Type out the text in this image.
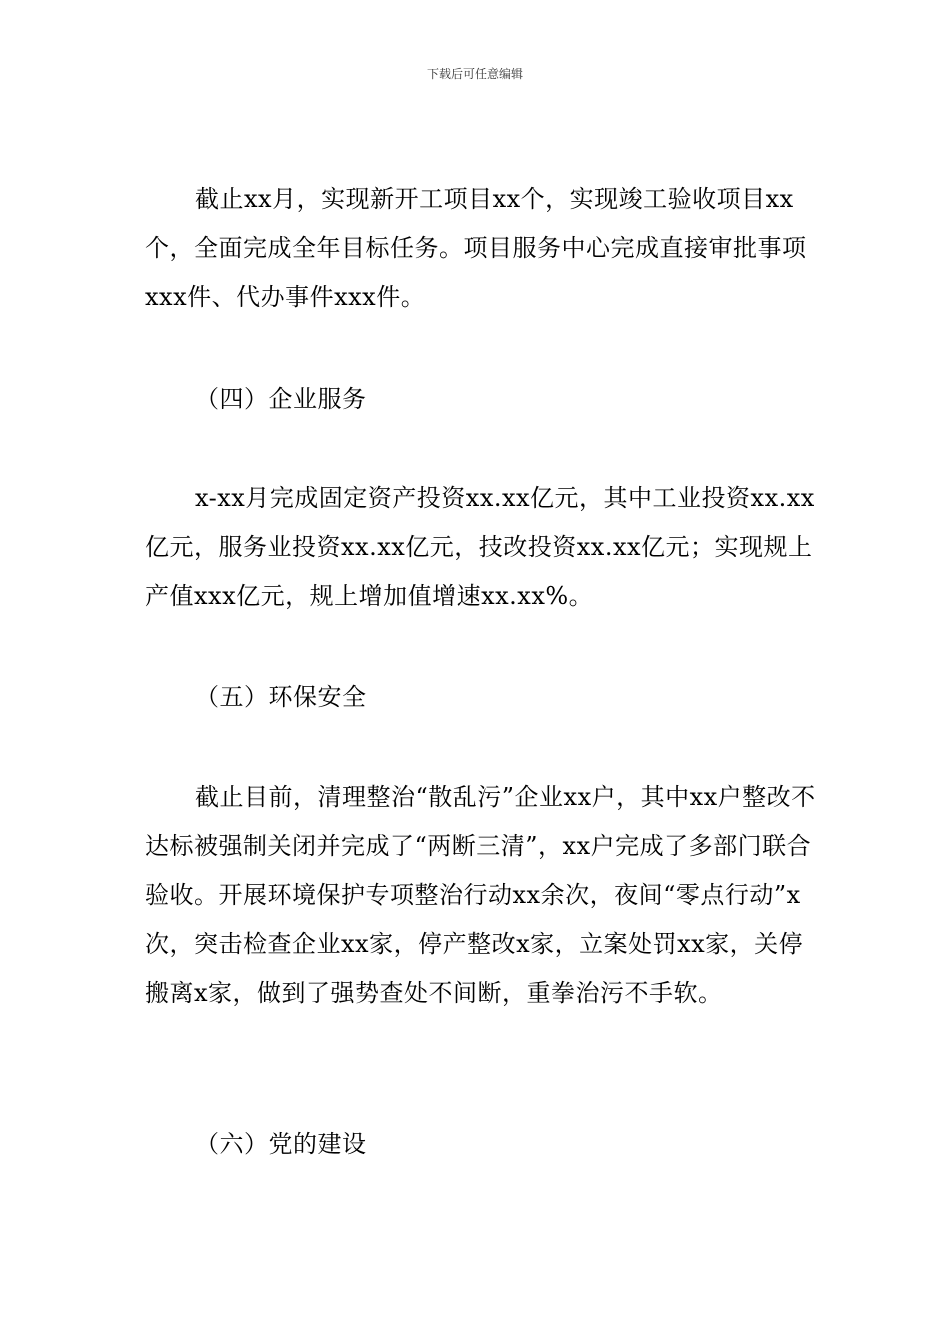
下载后可任意编辑

截止xx月，实现新开工项目xx个，实现竣工验收项目xx个，全面完成全年目标任务。项目服务中心完成直接审批事项xxx件、代办事件xxx件。

（四）企业服务

x-xx月完成固定资产投资xx.xx亿元，其中工业投资xx.xx亿元，服务业投资xx.xx亿元，技改投资xx.xx亿元；实现规上产值xxx亿元，规上增加值增速xx.xx%。

（五）环保安全

截止目前，清理整治“散乱污”企业xx户，其中xx户整改不达标被强制关闭并完成了“两断三清”，xx户完成了多部门联合验收。开展环境保护专项整治行动xx余次，夜间“零点行动”x次，突击检查企业xx家，停产整改x家，立案处罚xx家，关停搬离x家，做到了强势查处不间断，重拳治污不手软。

（六）党的建设
